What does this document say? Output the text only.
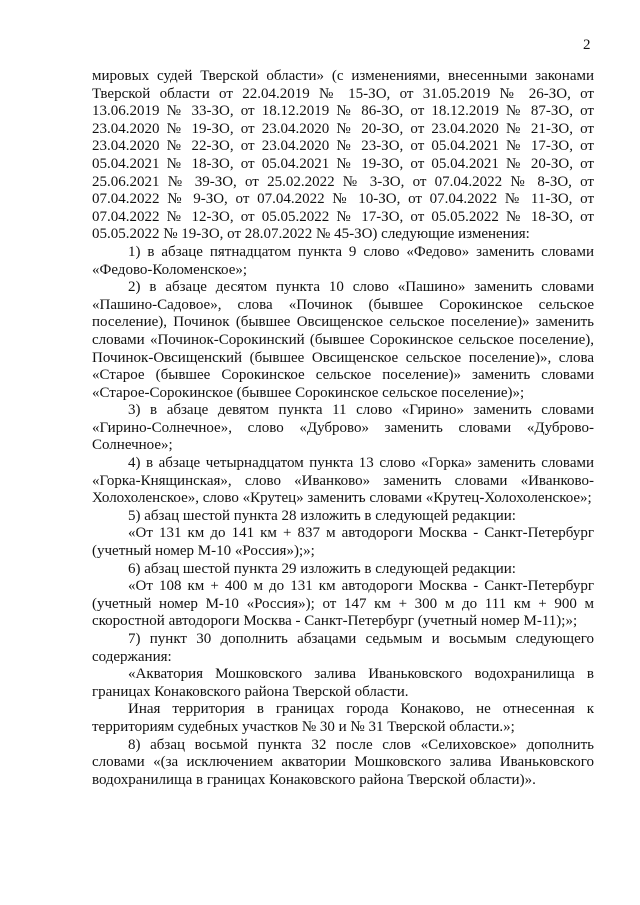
2
мировых судей Тверской области» (с изменениями, внесенными законами
Тверской области от 22.04.2019 № 15-ЗО, от 31.05.2019 № 26-ЗО, от
13.06.2019 № 33-ЗО, от 18.12.2019 № 86-ЗО, от 18.12.2019 № 87-ЗО, от
23.04.2020 № 19-ЗО, от 23.04.2020 № 20-ЗО, от 23.04.2020 № 21-ЗО, от
23.04.2020 № 22-ЗО, от 23.04.2020 № 23-ЗО, от 05.04.2021 № 17-ЗО, от
05.04.2021 № 18-ЗО, от 05.04.2021 № 19-ЗО, от 05.04.2021 № 20-ЗО, от
25.06.2021 № 39-ЗО, от 25.02.2022 № 3-ЗО, от 07.04.2022 № 8-ЗО, от
07.04.2022 № 9-ЗО, от 07.04.2022 № 10-ЗО, от 07.04.2022 № 11-ЗО, от
07.04.2022 № 12-ЗО, от 05.05.2022 № 17-ЗО, от 05.05.2022 № 18-ЗО, от
05.05.2022 № 19-ЗО, от 28.07.2022 № 45-ЗО) следующие изменения:

1) в абзаце пятнадцатом пункта 9 слово «Федово» заменить словами «Федово-Коломенское»;

2) в абзаце десятом пункта 10 слово «Пашино» заменить словами «Пашино-Садовое», слова «Починок (бывшее Сорокинское сельское поселение), Починок (бывшее Овсищенское сельское поселение)» заменить словами «Починок-Сорокинский (бывшее Сорокинское сельское поселение), Починок-Овсищенский (бывшее Овсищенское сельское поселение)», слова «Старое (бывшее Сорокинское сельское поселение)» заменить словами «Старое-Сорокинское (бывшее Сорокинское сельское поселение)»;

3) в абзаце девятом пункта 11 слово «Гирино» заменить словами «Гирино-Солнечное», слово «Дуброво» заменить словами «Дуброво-Солнечное»;

4) в абзаце четырнадцатом пункта 13 слово «Горка» заменить словами «Горка-Княщинская», слово «Иванково» заменить словами «Иванково-Холохоленское», слово «Крутец» заменить словами «Крутец-Холохоленское»;

5) абзац шестой пункта 28 изложить в следующей редакции:

«От 131 км до 141 км + 837 м автодороги Москва - Санкт-Петербург (учетный номер М-10 «Россия»);»;

6) абзац шестой пункта 29 изложить в следующей редакции:

«От 108 км + 400 м до 131 км автодороги Москва - Санкт-Петербург (учетный номер М-10 «Россия»); от 147 км + 300 м до 111 км + 900 м скоростной автодороги Москва - Санкт-Петербург (учетный номер М-11);»;

7) пункт 30 дополнить абзацами седьмым и восьмым следующего содержания:

«Акватория Мошковского залива Иваньковского водохранилища в границах Конаковского района Тверской области.

Иная территория в границах города Конаково, не отнесенная к территориям судебных участков № 30 и № 31 Тверской области.»;

8) абзац восьмой пункта 32 после слов «Селиховское» дополнить словами «(за исключением акватории Мошковского залива Иваньковского водохранилища в границах Конаковского района Тверской области)».
